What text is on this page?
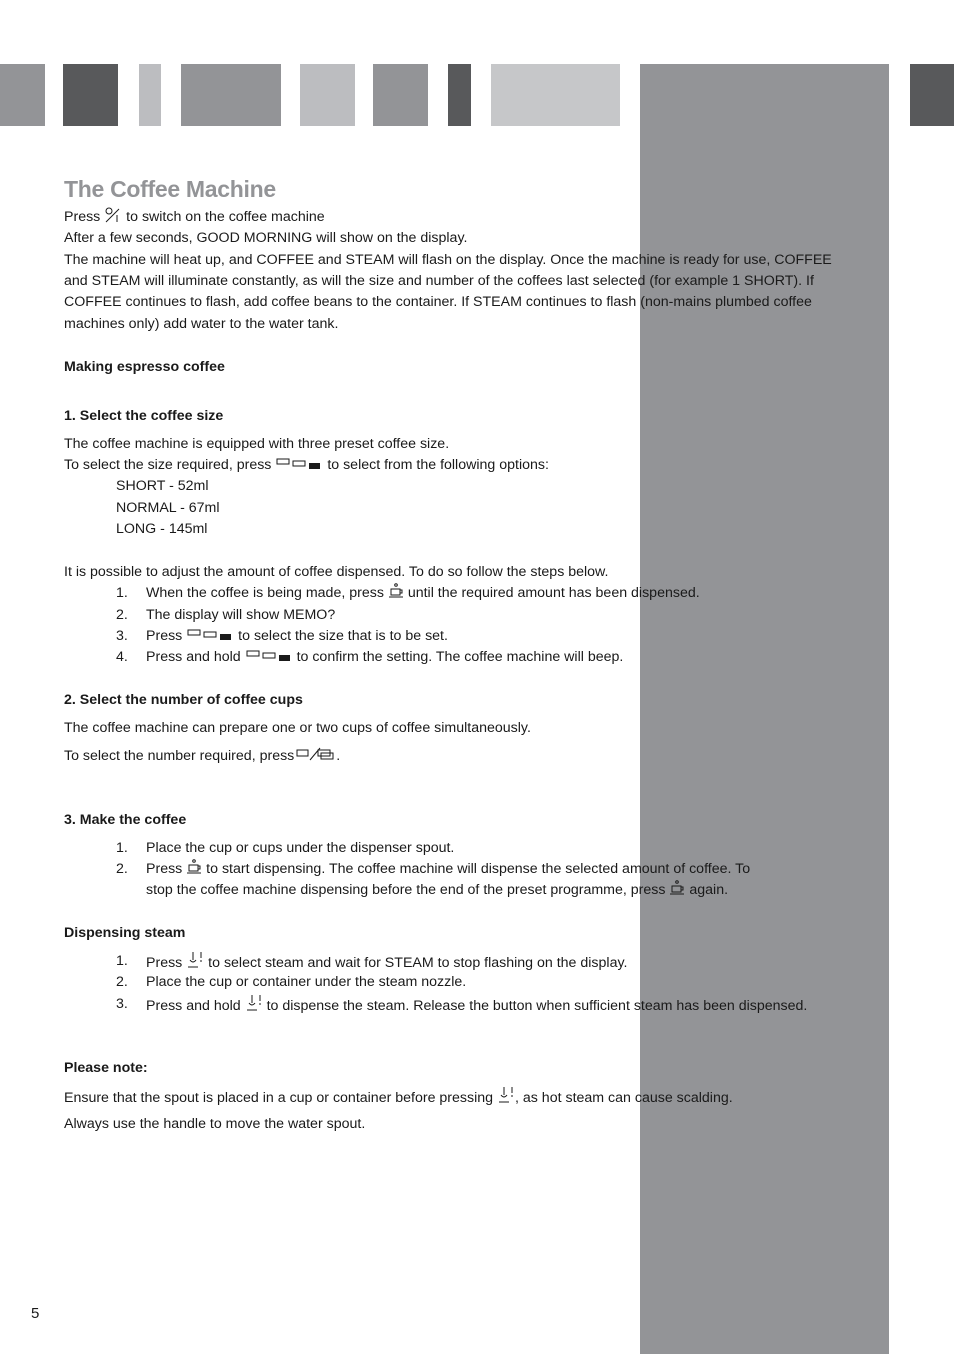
The Coffee Machine
Press to switch on the coffee machine
After a few seconds, GOOD MORNING will show on the display.
The machine will heat up, and COFFEE and STEAM will flash on the display. Once the machine is ready for use, COFFEE
and STEAM will illuminate constantly, as will the size and number of the coffees last selected (for example 1 SHORT). If
COFFEE continues to flash, add coffee beans to the container. If STEAM continues to flash (non-mains plumbed coffee
machines only) add water to the water tank.
Making espresso coffee
1. Select the coffee size
The coffee machine is equipped with three preset coffee size.
To select the size required, press	to select from the following options:
SHORT - 52ml
NORMAL - 67ml
LONG - 145ml
It is possible to adjust the amount of coffee dispensed. To do so follow the steps below.
1. When the coffee is being made, press until the required amount has been dispensed.
2. The display will show MEMO?
3. Press	to select the size that is to be set.
4. Press and hold	to confirm the setting. The coffee machine will beep.
2. Select the number of coffee cups
The coffee machine can prepare one or two cups of coffee simultaneously.
To select the number required, press	.
3. Make the coffee
1. Place the cup or cups under the dispenser spout.
2. Press to start dispensing. The coffee machine will dispense the selected amount of coffee. To
stop the coffee machine dispensing before the end of the preset programme, press again.
Dispensing steam
1. Press to select steam and wait for STEAM to stop flashing on the display.
2. Place the cup or container under the steam nozzle.
3. Press and hold to dispense the steam. Release the button when sufficient steam has been dispensed.
Please note:
Ensure that the spout is placed in a cup or container before pressing , as hot steam can cause scalding.
Always use the handle to move the water spout.
5
